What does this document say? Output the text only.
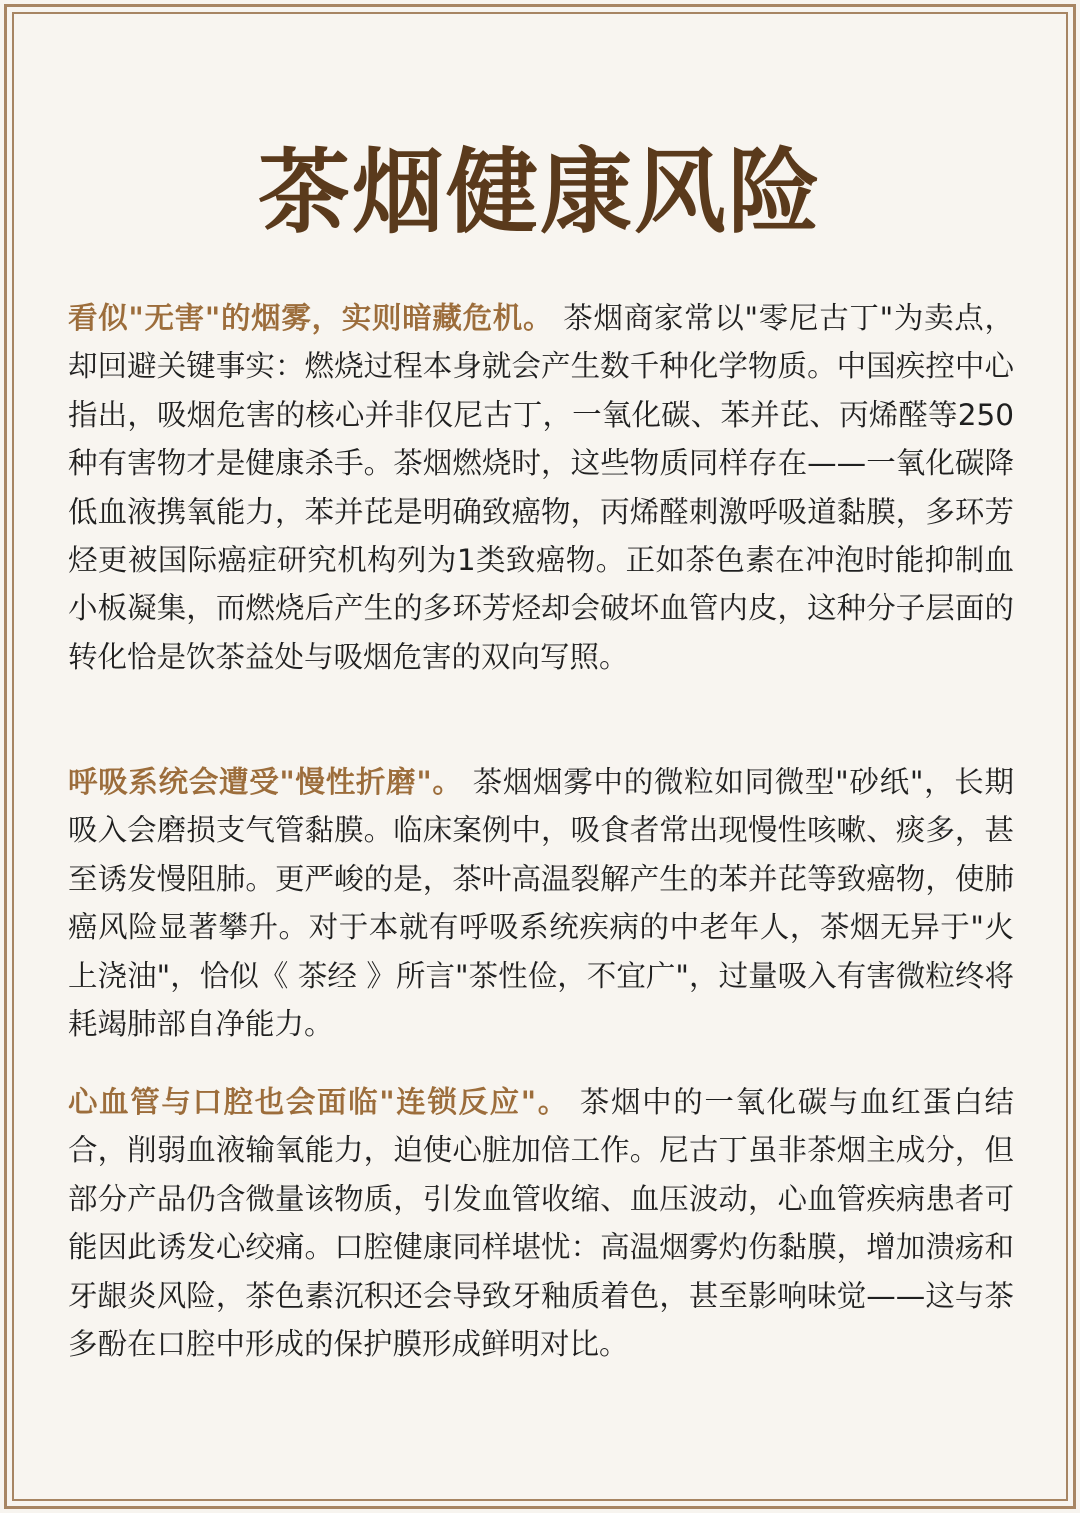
茶烟健康风险

看似"无害"的烟雾，实则暗藏危机。 茶烟商家常以"零尼古丁"为卖点，却回避关键事实：燃烧过程本身就会产生数千种化学物质。中国疾控中心指出，吸烟危害的核心并非仅尼古丁，一氧化碳、苯并芘、丙烯醛等250种有害物才是健康杀手。茶烟燃烧时，这些物质同样存在——一氧化碳降低血液携氧能力，苯并芘是明确致癌物，丙烯醛刺激呼吸道黏膜，多环芳烃更被国际癌症研究机构列为1类致癌物。正如茶色素在冲泡时能抑制血小板凝集，而燃烧后产生的多环芳烃却会破坏血管内皮，这种分子层面的转化恰是饮茶益处与吸烟危害的双向写照。

呼吸系统会遭受"慢性折磨"。 茶烟烟雾中的微粒如同微型"砂纸"，长期吸入会磨损支气管黏膜。临床案例中，吸食者常出现慢性咳嗽、痰多，甚至诱发慢阻肺。更严峻的是，茶叶高温裂解产生的苯并芘等致癌物，使肺癌风险显著攀升。对于本就有呼吸系统疾病的中老年人，茶烟无异于"火上浇油"，恰似《 茶经 》所言"茶性俭，不宜广"，过量吸入有害微粒终将耗竭肺部自净能力。

心血管与口腔也会面临"连锁反应"。 茶烟中的一氧化碳与血红蛋白结合，削弱血液输氧能力，迫使心脏加倍工作。尼古丁虽非茶烟主成分，但部分产品仍含微量该物质，引发血管收缩、血压波动，心血管疾病患者可能因此诱发心绞痛。口腔健康同样堪忧：高温烟雾灼伤黏膜，增加溃疡和牙龈炎风险，茶色素沉积还会导致牙釉质着色，甚至影响味觉——这与茶多酚在口腔中形成的保护膜形成鲜明对比。
